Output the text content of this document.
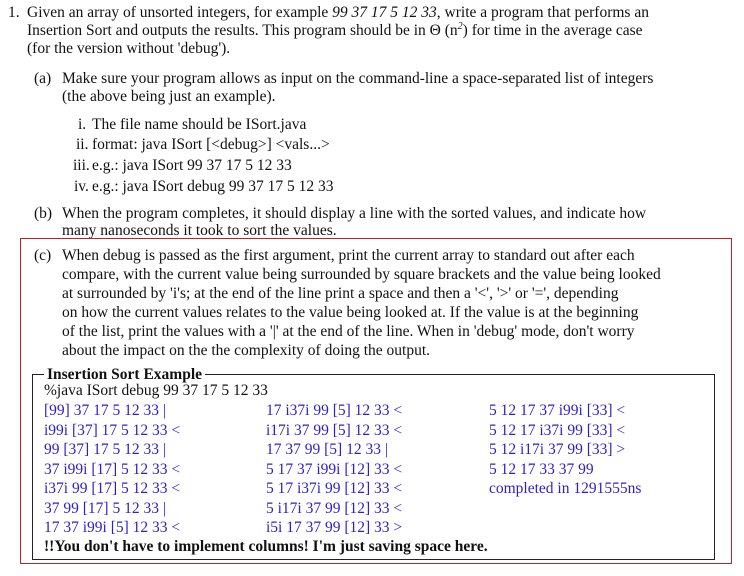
1. Given an array of unsorted integers, for example 99 37 17 5 12 33, write a program that performs an
Insertion Sort and outputs the results. This program should be in Θ $(n^2)$ for time in the average case
(for the version without 'debug').
(a) Make sure your program allows as input on the command-line a space-separated list of integers
(the above being just an example).
i. The file name should be ISort.java
ii. format: java ISort [<debug>] <vals...>
iii. e.g.: java ISort 99 37 17 5 12 33
iv. e.g.: java ISort debug 99 37 17 5 12 33
(b) When the program completes, it should display a line with the sorted values, and indicate how
many nanoseconds it took to sort the values.
(c) When debug is passed as the first argument, print the current array to standard out after each
compare, with the current value being surrounded by square brackets and the value being looked
at surrounded by 'i's; at the end of the line print a space and then a '<', '>' or '=', depending
on how the current values relates to the value being looked at. If the value is at the beginning
of the list, print the values with a '|' at the end of the line. When in 'debug' mode, don't worry
about the impact on the the complexity of doing the output.
Insertion Sort Example
%java ISort debug 99 37 17 5 12 33
[99] 37 17 5 12 33 |
i99i [37] 17 5 12 33 <
99 [37] 17 5 12 33 |
37 i99i [17] 5 12 33 <
i37i 99 [17] 5 12 33 <
37 99 [17] 5 12 33 |
17 37 i99i [5] 12 33 <
17 i37i 99 [5] 12 33 <
i17i 37 99 [5] 12 33 <
17 37 99 [5] 12 33 |
5 17 37 i99i [12] 33 <
5 17 i37i 99 [12] 33 <
5 i17i 37 99 [12] 33 <
i5i 17 37 99 [12] 33 >
5 12 17 37 i99i [33] <
5 12 17 i37i 99 [33] <
5 12 i17i 37 99 [33] >
5 12 17 33 37 99
completed in 1291555ns
!!You don't have to implement columns! I'm just saving space here.
